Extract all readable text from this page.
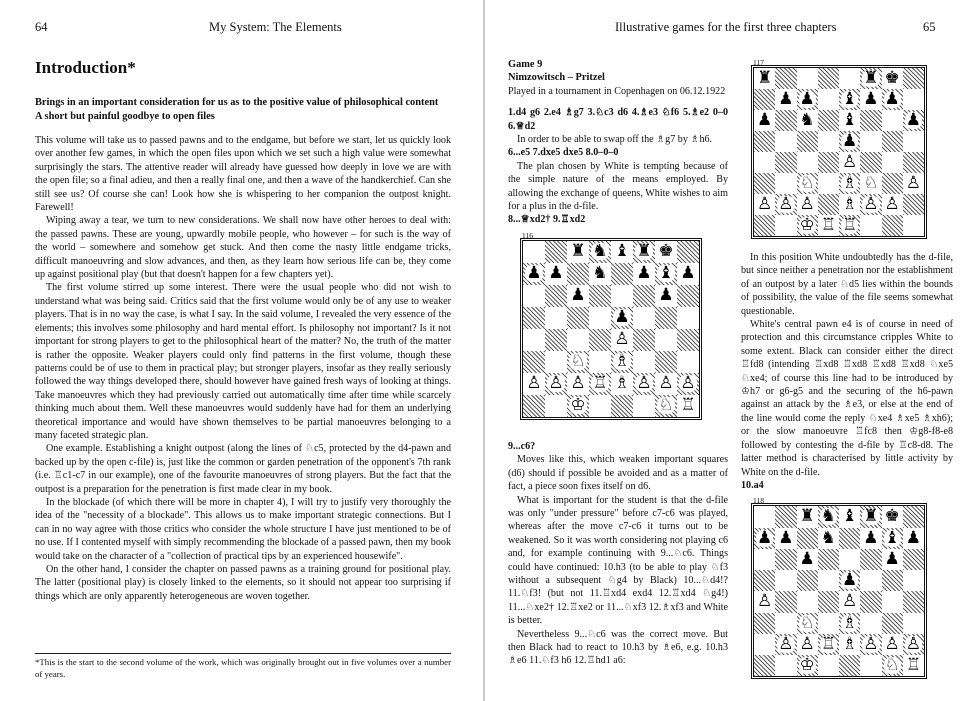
64	My System: The Elements
Introduction*
Brings in an important consideration for us as to the positive value of philosophical content
A short but painful goodbye to open files

This volume will take us to passed pawns and to the endgame, but before we start, let us quickly look over another few games, in which the open files upon which we set such a high value were somewhat surprisingly the stars. The attentive reader will already have guessed how deeply in love we are with the open file; so a final adieu, and then a really final one, and then a wave of the handkerchief. Can she still see us? Of course she can! Look how she is whispering to her companion the outpost knight. Farewell!

Wiping away a tear, we turn to new considerations. We shall now have other heroes to deal with: the passed pawns. These are young, upwardly mobile people, who however – for such is the way of the world – somewhere and somehow get stuck. And then come the nasty little endgame tricks, difficult manoeuvring and slow advances, and then, as they learn how serious life can be, they come up against positional play (but that doesn't happen for a few chapters yet).

The first volume stirred up some interest. There were the usual people who did not wish to understand what was being said. Critics said that the first volume would only be of any use to weaker players. That is in no way the case, is what I say. In the said volume, I revealed the very essence of the elements; this involves some philosophy and hard mental effort. Is philosophy not important? Is it not important for strong players to get to the philosophical heart of the matter? No, the truth of the matter is rather the opposite. Weaker players could only find patterns in the first volume, though these patterns could be of use to them in practical play; but stronger players, insofar as they really seriously followed the way things developed there, should however have gained fresh ways of looking at things. Take manoeuvres which they had previously carried out automatically time after time while scarcely thinking much about them. Well these manoeuvres would suddenly have had for them an underlying theoretical importance and would have shown themselves to be partial manoeuvres belonging to a many faceted strategic plan.

One example. Establishing a knight outpost (along the lines of ♘c5, protected by the d4-pawn and backed up by the open c-file) is, just like the common or garden penetration of the opponent's 7th rank (i.e. ♖c1-c7 in our example), one of the favourite manoeuvres of strong players. But the fact that the outpost is a preparation for the penetration is first made clear in my book.

In the blockade (of which there will be more in chapter 4), I will try to justify very thoroughly the idea of the "necessity of a blockade". This allows us to make important strategic connections. But I can in no way agree with those critics who consider the whole structure I have just mentioned to be of no use. If I contented myself with simply recommending the blockade of a passed pawn, then my book would take on the character of a "collection of practical tips by an experienced housewife".

On the other hand, I consider the chapter on passed pawns as a training ground for positional play. The latter (positional play) is closely linked to the elements, so it should not appear too surprising if things which are only apparently heterogeneous are woven together.

*This is the start to the second volume of the work, which was originally brought out in five volumes over a number of years.
Illustrative games for the first three chapters	65
Game 9
Nimzowitsch – Pritzel

Played in a tournament in Copenhagen on 06.12.1922

1.d4 g6 2.e4 ♗g7 3.♘c3 d6 4.♗e3 ♘f6 5.♗e2 0–0 6.♕d2

In order to be able to swap off the ♗g7 by ♗h6.

6...e5 7.dxe5 dxe5 8.0–0–0

The plan chosen by White is tempting because of the simple nature of the means employed. By allowing the exchange of queens, White wishes to aim for a plus in the d-file.

8...♕xd2† 9.♖xd2

116
♜ ♞ ♝ ♜ ♚
♟ ♟ ♞ ♟ ♝ ♟
♟	♟
♟
♙
♘ ♗
♙ ♙ ♙ ♖ ♗ ♙ ♙ ♙
♔	♘ ♖

9...c6?

Moves like this, which weaken important squares (d6) should if possible be avoided and as a matter of fact, a piece soon fixes itself on d6.

What is important for the student is that the d-file was only "under pressure" before c7-c6 was played, whereas after the move c7-c6 it turns out to be weakened. So it was worth considering not playing c6 and, for example continuing with 9...♘c6. Things could have continued: 10.h3 (to be able to play ♘f3 without a subsequent ♘g4 by Black) 10...♘d4!? 11.♘f3! (but not 11.♖xd4 exd4 12.♖xd4 ♘g4!) 11...♘xe2† 12.♖xe2 or 11...♘xf3 12.♗xf3 and White is better.

Nevertheless 9...♘c6 was the correct move. But then Black had to react to 10.h3 by ♗e6, e.g. 10.h3 ♗e6 11.♘f3 h6 12.♖hd1 a6:

117
♜	♜ ♚
♟ ♟ ♝ ♟ ♟
♟ ♞ ♝	♟
♟
♙
♘ ♗ ♘ ♙
♙ ♙ ♙ ♗ ♙ ♙
♔ ♖ ♖

In this position White undoubtedly has the d-file, but since neither a penetration nor the establishment of an outpost by a later ♘d5 lies within the bounds of possibility, the value of the file seems somewhat questionable.

White's central pawn e4 is of course in need of protection and this circumstance cripples White to some extent. Black can consider either the direct ♖fd8 (intending ♖xd8 ♖xd8 ♖xd8 ♖xd8 ♘xe5 ♘xe4; of course this line had to be introduced by ♔h7 or g6-g5 and the securing of the h6-pawn against an attack by the ♗e3, or else at the end of the line would come the reply ♘xe4 ♗xe5 ♗xh6); or the slow manoeuvre ♖fc8 then ♔g8-f8-e8 followed by contesting the d-file by ♖c8-d8. The latter method is characterised by little activity by White on the d-file.

10.a4

118
♜ ♞ ♝ ♜ ♚
♟ ♟ ♞ ♟ ♝ ♟
♟	♟
♟
♙	♙
♘ ♗
♙ ♙ ♖ ♗ ♙ ♙ ♙
♔	♘ ♖
